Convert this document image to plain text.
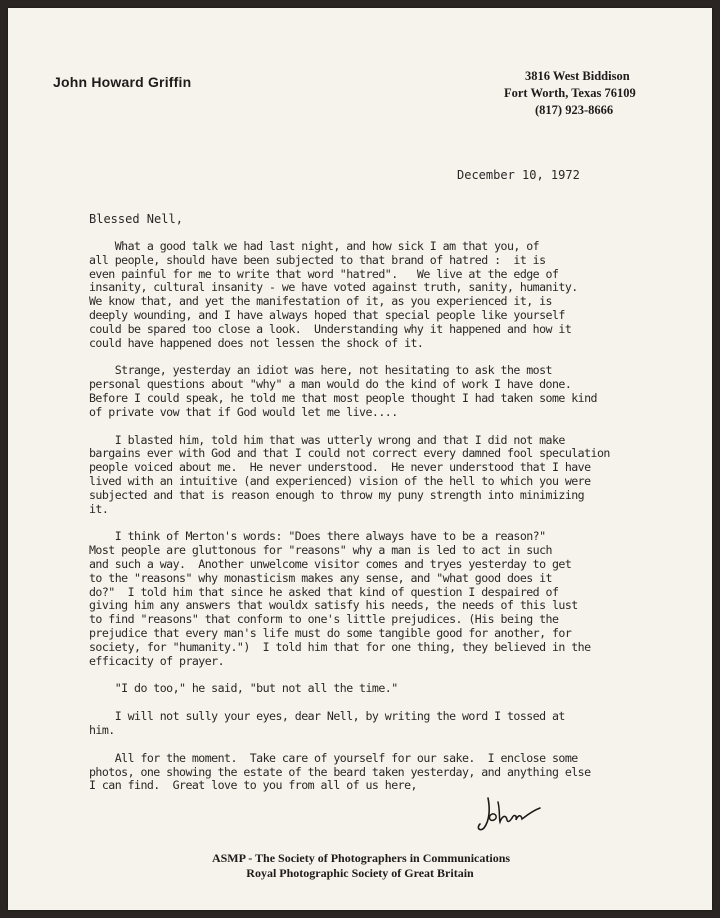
John Howard Griffin	3816 West Biddison
Fort Worth, Texas 76109
(817) 923-8666
December 10, 1972
Blessed Nell,
What a good talk we had last night, and how sick I am that you, of
all people, should have been subjected to that brand of hatred :  it is
even painful for me to write that word "hatred".   We live at the edge of
insanity, cultural insanity - we have voted against truth, sanity, humanity.
We know that, and yet the manifestation of it, as you experienced it, is
deeply wounding, and I have always hoped that special people like yourself
could be spared too close a look.  Understanding why it happened and how it
could have happened does not lessen the shock of it.
Strange, yesterday an idiot was here, not hesitating to ask the most
personal questions about "why" a man would do the kind of work I have done.
Before I could speak, he told me that most people thought I had taken some kind
of private vow that if God would let me live....
I blasted him, told him that was utterly wrong and that I did not make
bargains ever with God and that I could not correct every damned fool speculation
people voiced about me.  He never understood.  He never understood that I have
lived with an intuitive (and experienced) vision of the hell to which you were
subjected and that is reason enough to throw my puny strength into minimizing
it.
I think of Merton's words: "Does there always have to be a reason?"
Most people are gluttonous for "reasons" why a man is led to act in such
and such a way.  Another unwelcome visitor comes and tryes yesterday to get
to the "reasons" why monasticism makes any sense, and "what good does it
do?"  I told him that since he asked that kind of question I despaired of
giving him any answers that wouldx satisfy his needs, the needs of this lust
to find "reasons" that conform to one's little prejudices. (His being the
prejudice that every man's life must do some tangible good for another, for
society, for "humanity.")  I told him that for one thing, they believed in the
efficacity of prayer.
"I do too," he said, "but not all the time."
I will not sully your eyes, dear Nell, by writing the word I tossed at
him.
All for the moment.  Take care of yourself for our sake.  I enclose some
photos, one showing the estate of the beard taken yesterday, and anything else
I can find.  Great love to you from all of us here,
ASMP - The Society of Photographers in Communications
Royal Photographic Society of Great Britain
